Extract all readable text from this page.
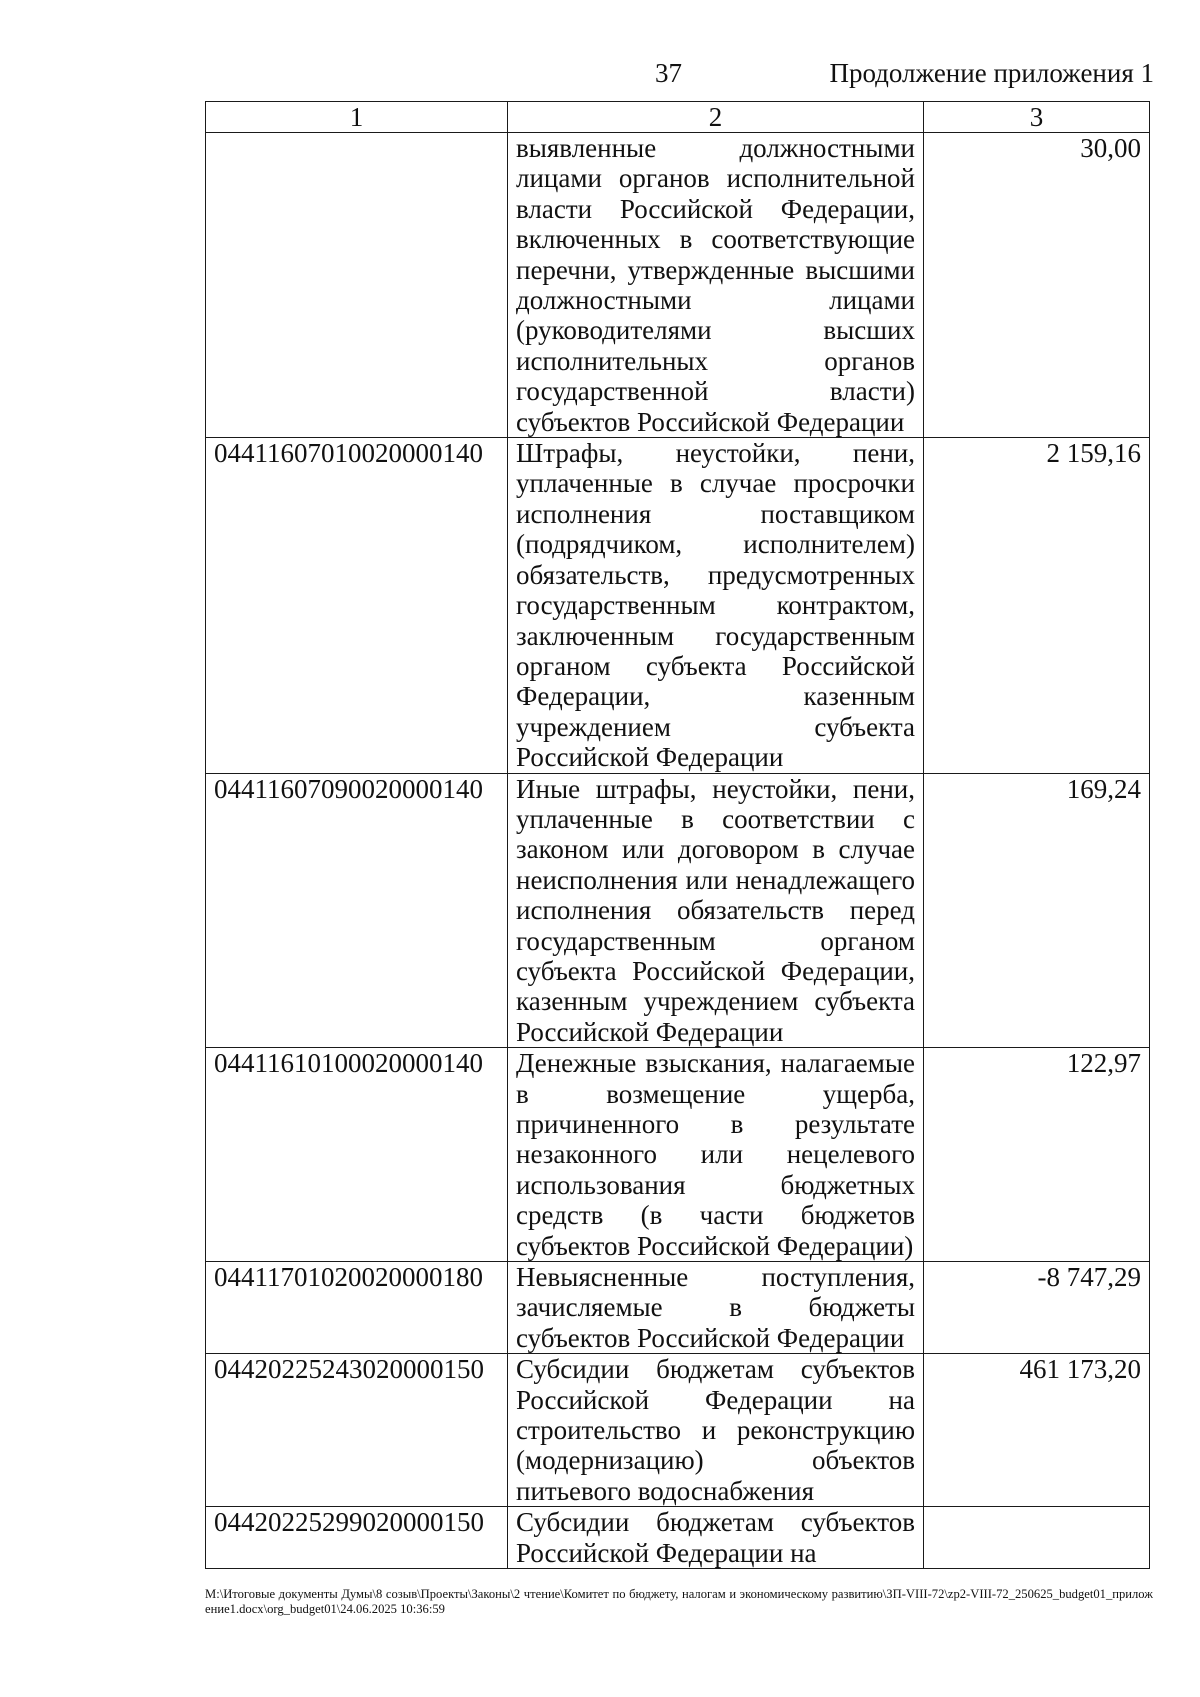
37	Продолжение приложения 1
1	2	3
	выявленные должностными лицами органов исполнительной власти Российской Федерации, включенных в соответствующие перечни, утвержденные высшими должностными лицами (руководителями высших исполнительных органов государственной власти) субъектов Российской Федерации	30,00
04411607010020000140	Штрафы, неустойки, пени, уплаченные в случае просрочки исполнения поставщиком (подрядчиком, исполнителем) обязательств, предусмотренных государственным контрактом, заключенным государственным органом субъекта Российской Федерации, казенным учреждением субъекта Российской Федерации	2 159,16
04411607090020000140	Иные штрафы, неустойки, пени, уплаченные в соответствии с законом или договором в случае неисполнения или ненадлежащего исполнения обязательств перед государственным органом субъекта Российской Федерации, казенным учреждением субъекта Российской Федерации	169,24
04411610100020000140	Денежные взыскания, налагаемые в возмещение ущерба, причиненного в результате незаконного или нецелевого использования бюджетных средств (в части бюджетов субъектов Российской Федерации)	122,97
04411701020020000180	Невыясненные поступления, зачисляемые в бюджеты субъектов Российской Федерации	-8 747,29
04420225243020000150	Субсидии бюджетам субъектов Российской Федерации на строительство и реконструкцию (модернизацию) объектов питьевого водоснабжения	461 173,20
04420225299020000150	Субсидии бюджетам субъектов Российской Федерации на	
M:\Итоговые документы Думы\8 созыв\Проекты\Законы\2 чтение\Комитет по бюджету, налогам и экономическому развитию\ЗП-VIII-72\zp2-VIII-72_250625_budget01_приложение1.docx\org_budget01\24.06.2025 10:36:59
